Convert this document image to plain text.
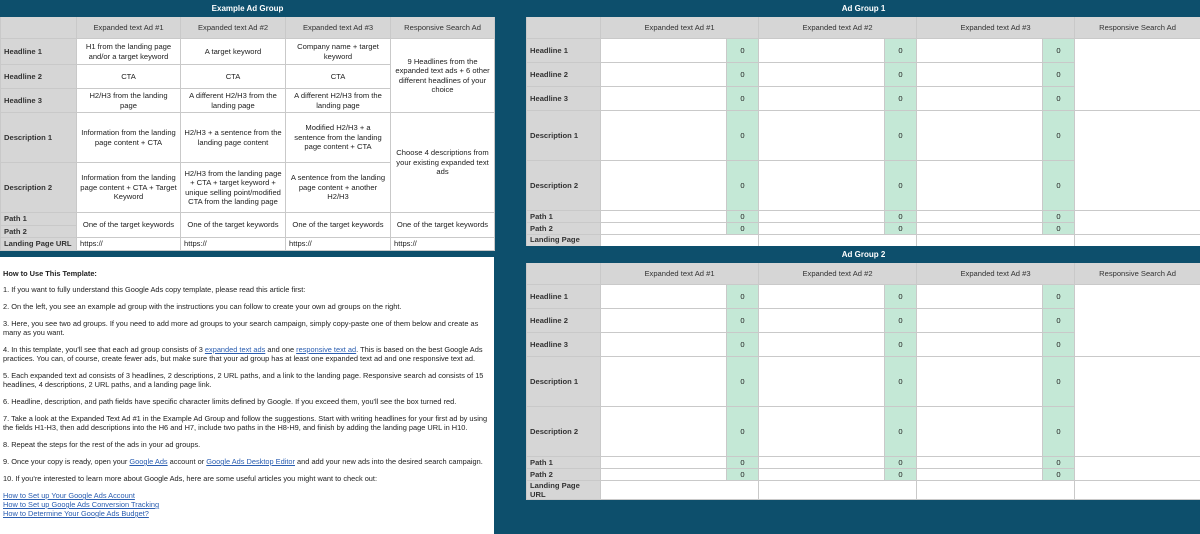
Example Ad Group				
	Expanded text Ad #1	Expanded text Ad #2	Expanded text Ad #3	Responsive Search Ad
Headline 1	H1 from the landing page and/or a target keyword	A target keyword	Company name + target keyword	9 Headlines from the expanded text ads + 6 other different headlines of your choice
Headline 2	CTA	CTA	CTA	
Headline 3	H2/H3 from the landing page	A different H2/H3 from the landing page	A different H2/H3 from the landing page	
Description 1	Information from the landing page content + CTA	H2/H3 + a sentence from the landing page content	Modified H2/H3 + a sentence from the landing page content + CTA	Choose 4 descriptions from your existing expanded text ads
Description 2	Information from the landing page content + CTA + Target Keyword	H2/H3 from the landing page + CTA + target keyword + unique selling point/modified CTA from the landing page	A sentence from the landing page content + another H2/H3	
Path 1	One of the target keywords	One of the target keywords	One of the target keywords	One of the target keywords
Path 2				
Landing Page URL	https://	https://	https://	https://
How to Use This Template:

1. If you want to fully understand this Google Ads copy template, please read this article first:

2. On the left, you see an example ad group with the instructions you can follow to create your own ad groups on the right.

3. Here, you see two ad groups. If you need to add more ad groups to your search campaign, simply copy-paste one of them below and create as many as you want.

4. In this template, you'll see that each ad group consists of 3 expanded text ads and one responsive text ad. This is based on the best Google Ads practices. You can, of course, create fewer ads, but make sure that your ad group has at least one expanded text ad and one responsive text ad.

5. Each expanded text ad consists of 3 headlines, 2 descriptions, 2 URL paths, and a link to the landing page. Responsive search ad consists of 15 headlines, 4 descriptions, 2 URL paths, and a landing page link.

6. Headline, description, and path fields have specific character limits defined by Google. If you exceed them, you'll see the box turned red.

7. Take a look at the Expanded Text Ad #1 in the Example Ad Group and follow the suggestions. Start with writing headlines for your first ad by using the fields H1-H3, then add descriptions into the H6 and H7, include two paths in the H8-H9, and finish by adding the landing page URL in H10.

8. Repeat the steps for the rest of the ads in your ad groups.

9. Once your copy is ready, open your Google Ads account or Google Ads Desktop Editor and add your new ads into the desired search campaign.

10. If you're interested to learn more about Google Ads, here are some useful articles you might want to check out:

How to Set up Your Google Ads Account
How to Set up Google Ads Conversion Tracking
How to Determine Your Google Ads Budget?
Ad Group 1							
	Expanded text Ad #1		Expanded text Ad #2		Expanded text Ad #3		Responsive Search Ad
Headline 1		0		0		0	
Headline 2		0		0		0	
Headline 3		0		0		0	
Description 1		0		0		0	
Description 2		0		0		0	
Path 1		0		0		0	
Path 2		0		0		0	
Landing Page							
Ad Group 2							
	Expanded text Ad #1		Expanded text Ad #2		Expanded text Ad #3		Responsive Search Ad
Headline 1		0		0		0	
Headline 2		0		0		0	
Headline 3		0		0		0	
Description 1		0		0		0	
Description 2		0		0		0	
Path 1		0		0		0	
Path 2		0		0		0	
Landing Page URL							
